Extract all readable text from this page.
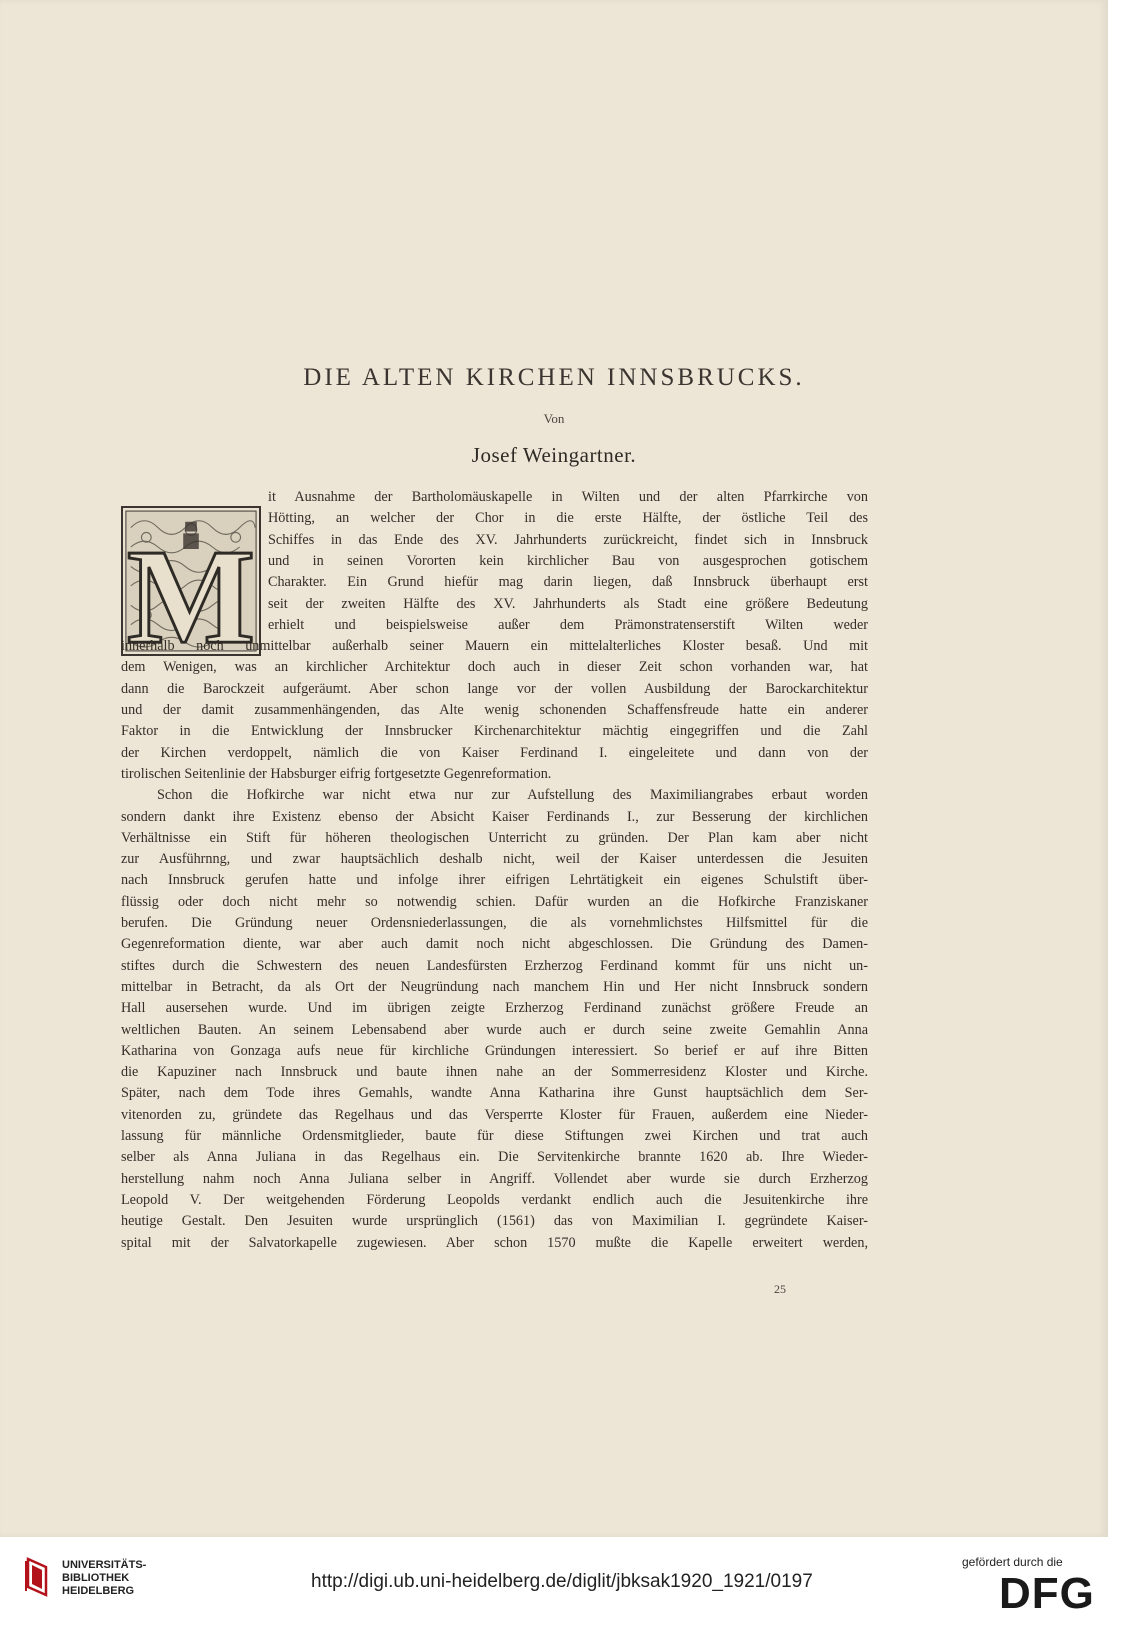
DIE ALTEN KIRCHEN INNSBRUCKS.
Von
Josef Weingartner.
M
it Ausnahme der Bartholomäuskapelle in Wilten und der alten Pfarrkirche von
Hötting, an welcher der Chor in die erste Hälfte, der östliche Teil des
Schiffes in das Ende des XV. Jahrhunderts zurückreicht, findet sich in Innsbruck
und in seinen Vororten kein kirchlicher Bau von ausgesprochen gotischem
Charakter. Ein Grund hiefür mag darin liegen, daß Innsbruck überhaupt erst
seit der zweiten Hälfte des XV. Jahrhunderts als Stadt eine größere Bedeutung
erhielt und beispielsweise außer dem Prämonstratenserstift Wilten weder
innerhalb noch unmittelbar außerhalb seiner Mauern ein mittelalterliches Kloster besaß. Und mit
dem Wenigen, was an kirchlicher Architektur doch auch in dieser Zeit schon vorhanden war, hat
dann die Barockzeit aufgeräumt. Aber schon lange vor der vollen Ausbildung der Barockarchitektur
und der damit zusammenhängenden, das Alte wenig schonenden Schaffensfreude hatte ein anderer
Faktor in die Entwicklung der Innsbrucker Kirchenarchitektur mächtig eingegriffen und die Zahl
der Kirchen verdoppelt, nämlich die von Kaiser Ferdinand I. eingeleitete und dann von der
tirolischen Seitenlinie der Habsburger eifrig fortgesetzte Gegenreformation.
Schon die Hofkirche war nicht etwa nur zur Aufstellung des Maximiliangrabes erbaut worden
sondern dankt ihre Existenz ebenso der Absicht Kaiser Ferdinands I., zur Besserung der kirchlichen
Verhältnisse ein Stift für höheren theologischen Unterricht zu gründen. Der Plan kam aber nicht
zur Ausführnng, und zwar hauptsächlich deshalb nicht, weil der Kaiser unterdessen die Jesuiten
nach Innsbruck gerufen hatte und infolge ihrer eifrigen Lehrtätigkeit ein eigenes Schulstift über-
flüssig oder doch nicht mehr so notwendig schien. Dafür wurden an die Hofkirche Franziskaner
berufen. Die Gründung neuer Ordensniederlassungen, die als vornehmlichstes Hilfsmittel für die
Gegenreformation diente, war aber auch damit noch nicht abgeschlossen. Die Gründung des Damen-
stiftes durch die Schwestern des neuen Landesfürsten Erzherzog Ferdinand kommt für uns nicht un-
mittelbar in Betracht, da als Ort der Neugründung nach manchem Hin und Her nicht Innsbruck sondern
Hall ausersehen wurde. Und im übrigen zeigte Erzherzog Ferdinand zunächst größere Freude an
weltlichen Bauten. An seinem Lebensabend aber wurde auch er durch seine zweite Gemahlin Anna
Katharina von Gonzaga aufs neue für kirchliche Gründungen interessiert. So berief er auf ihre Bitten
die Kapuziner nach Innsbruck und baute ihnen nahe an der Sommerresidenz Kloster und Kirche.
Später, nach dem Tode ihres Gemahls, wandte Anna Katharina ihre Gunst hauptsächlich dem Ser-
vitenorden zu, gründete das Regelhaus und das Versperrte Kloster für Frauen, außerdem eine Nieder-
lassung für männliche Ordensmitglieder, baute für diese Stiftungen zwei Kirchen und trat auch
selber als Anna Juliana in das Regelhaus ein. Die Servitenkirche brannte 1620 ab. Ihre Wieder-
herstellung nahm noch Anna Juliana selber in Angriff. Vollendet aber wurde sie durch Erzherzog
Leopold V. Der weitgehenden Förderung Leopolds verdankt endlich auch die Jesuitenkirche ihre
heutige Gestalt. Den Jesuiten wurde ursprünglich (1561) das von Maximilian I. gegründete Kaiser-
spital mit der Salvatorkapelle zugewiesen. Aber schon 1570 mußte die Kapelle erweitert werden,
25
UNIVERSITÄTS-
BIBLIOTHEK
HEIDELBERG	http://digi.ub.uni-heidelberg.de/diglit/jbksak1920_1921/0197
gefördert durch die
DFG
